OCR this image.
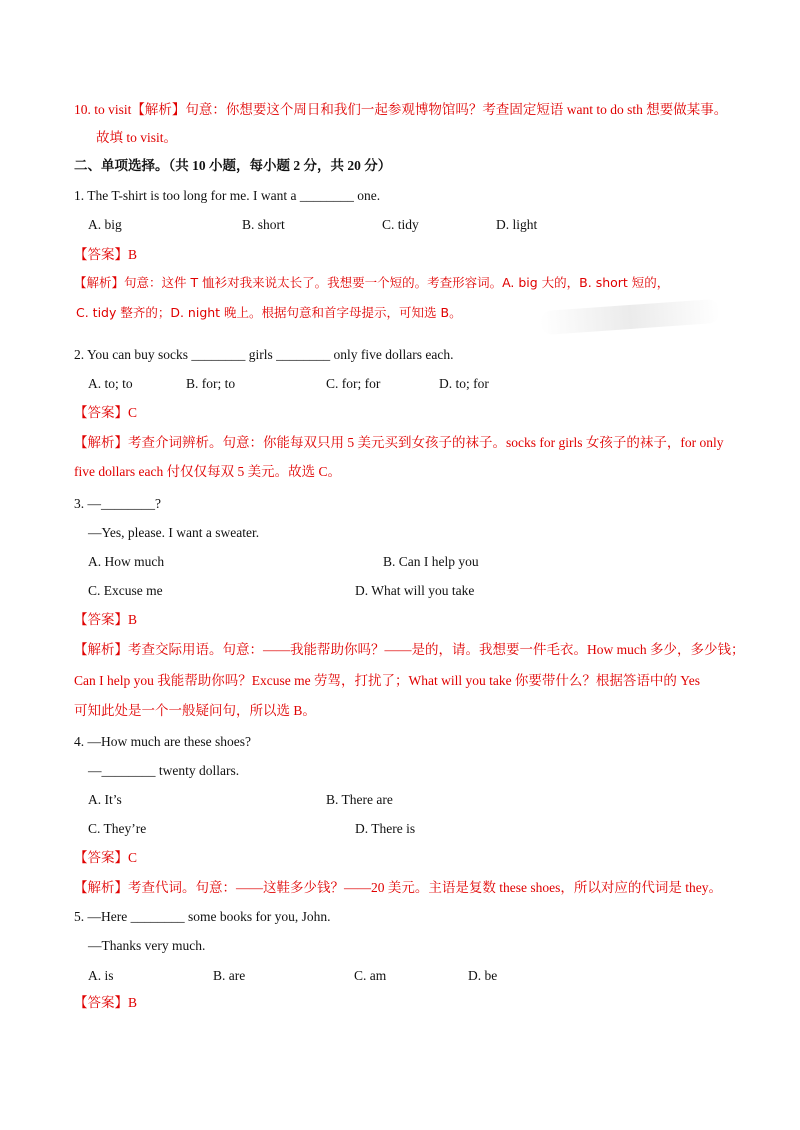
10. to visit【解析】句意：你想要这个周日和我们一起参观博物馆吗？考查固定短语 want to do sth 想要做某事。
故填 to visit。
二、单项选择。（共 10 小题，每小题 2 分，共 20 分）
1. The T-shirt is too long for me. I want a ________ one.
A. big	B. short	C. tidy	D. light
【答案】B
【解析】句意：这件 T 恤衫对我来说太长了。我想要一个短的。考查形容词。A. big 大的，B. short 短的，
C. tidy 整齐的；D. night 晚上。根据句意和首字母提示，可知选 B。
2. You can buy socks ________ girls ________ only five dollars each.
A. to; to	B. for; to	C. for; for	D. to; for
【答案】C
【解析】考查介词辨析。句意：你能每双只用 5 美元买到女孩子的袜子。socks for girls 女孩子的袜子，for only
five dollars each 付仅仅每双 5 美元。故选 C。
3. —________?
—Yes, please. I want a sweater.
A. How much	B. Can I help you
C. Excuse me	D. What will you take
【答案】B
【解析】考查交际用语。句意：——我能帮助你吗？——是的，请。我想要一件毛衣。How much 多少，多少钱；
Can I help you 我能帮助你吗？Excuse me 劳驾，打扰了；What will you take 你要带什么？根据答语中的 Yes
可知此处是一个一般疑问句，所以选 B。
4. —How much are these shoes?
—________ twenty dollars.
A. It’s	B. There are
C. They’re	D. There is
【答案】C
【解析】考查代词。句意：——这鞋多少钱？——20 美元。主语是复数 these shoes，所以对应的代词是 they。
5. —Here ________ some books for you, John.
—Thanks very much.
A. is	B. are	C. am	D. be
【答案】B
